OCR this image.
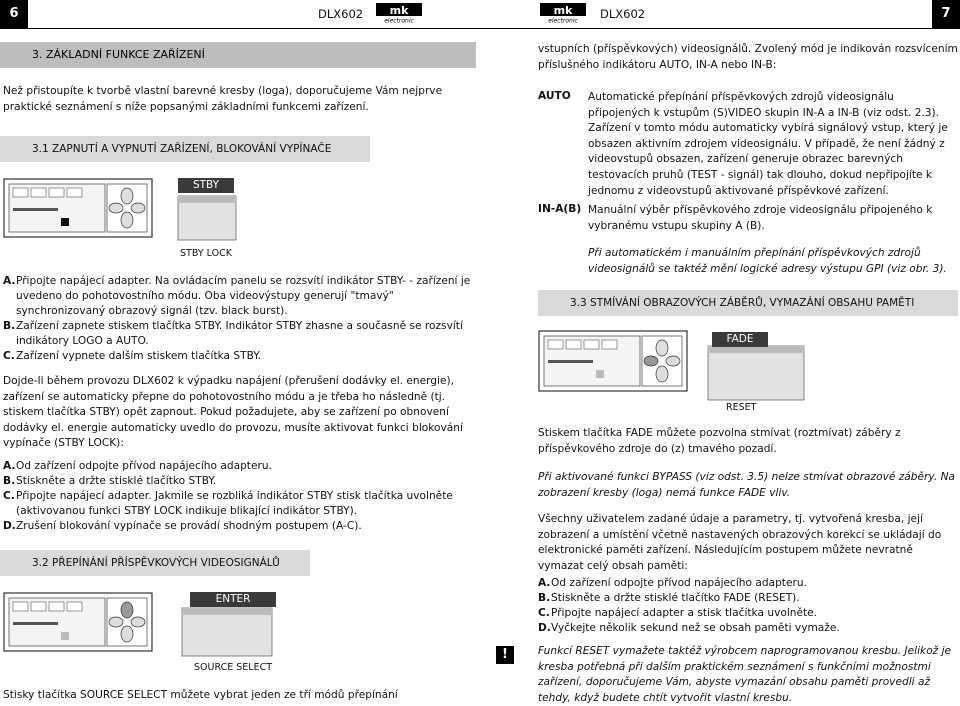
6	DLX602 mk
electronic
3. ZÁKLADNÍ FUNKCE ZAŘÍZENÍ
Než přistoupíte k tvorbě vlastní barevné kresby (loga), doporučujeme Vám nejprve praktické seznámení s níže popsanými základními funkcemi zařízení.
3.1 ZAPNUTÍ A VYPNUTÍ ZAŘÍZENÍ, BLOKOVÁNÍ VYPÍNAČE
STBY
STBY LOCK
A. Připojte napájecí adapter. Na ovládacím panelu se rozsvítí indikátor STBY- - zařízení je uvedeno do pohotovostního módu. Oba videovýstupy generují "tmavý" synchronizovaný obrazový signál (tzv. black burst).
B. Zařízení zapnete stiskem tlačítka STBY. Indikátor STBY zhasne a současně se rozsvítí indikátory LOGO a AUTO.
C. Zařízení vypnete dalším stiskem tlačítka STBY.
Dojde-li během provozu DLX602 k výpadku napájení (přerušení dodávky el. energie), zařízení se automaticky přepne do pohotovostního módu a je třeba ho následně (tj. stiskem tlačítka STBY) opět zapnout. Pokud požadujete, aby se zařízení po obnovení dodávky el. energie automaticky uvedlo do provozu, musíte aktivovat funkci blokování vypínače (STBY LOCK):
A. Od zařízení odpojte přívod napájecího adapteru.
B. Stiskněte a držte stisklé tlačítko STBY.
C. Připojte napájecí adapter. Jakmile se rozbliká indikátor STBY stisk tlačítka uvolněte (aktivovanou funkci STBY LOCK indikuje blikající indikátor STBY).
D. Zrušení blokování vypínače se provádí shodným postupem (A-C).
3.2 PŘEPÍNÁNÍ PŘÍSPĚVKOVÝCH VIDEOSIGNÁLŮ
ENTER
SOURCE SELECT
Stisky tlačítka SOURCE SELECT můžete vybrat jeden ze tří módů přepínání
mk
electronic DLX602	7
vstupních (příspěvkových) videosignálů. Zvolený mód je indikován rozsvícením příslušného indikátoru AUTO, IN-A nebo IN-B:
AUTO Automatické přepínání příspěvkových zdrojů videosignálu připojených k vstupům (S)VIDEO skupin IN-A a IN-B (viz odst. 2.3). Zařízení v tomto módu automaticky vybírá signálový vstup, který je obsazen aktivním zdrojem videosignálu. V případě, že není žádný z videovstupů obsazen, zařízení generuje obrazec barevných testovacích pruhů (TEST - signál) tak dlouho, dokud nepřipojíte k jednomu z videovstupů aktivované příspěvkové zařízení.
IN-A(B) Manuální výběr příspěvkového zdroje videosignálu připojeného k vybranému vstupu skupiny A (B).
Při automatickém i manuálním přepínání příspěvkových zdrojů videosignálů se taktéž mění logické adresy výstupu GPI (viz obr. 3).
3.3 STMÍVÁNÍ OBRAZOVÝCH ZÁBĚRŮ, VYMAZÁNÍ OBSAHU PAMĚTI
FADE
RESET
Stiskem tlačítka FADE můžete pozvolna stmívat (roztmívat) záběry z příspěvkového zdroje do (z) tmavého pozadí.
Při aktivované funkci BYPASS (viz odst. 3.5) nelze stmívat obrazové záběry. Na zobrazení kresby (loga) nemá funkce FADE vliv.
Všechny uživatelem zadané údaje a parametry, tj. vytvořená kresba, její zobrazení a umístění včetně nastavených obrazových korekcí se ukládají do elektronické paměti zařízení. Následujícím postupem můžete nevratně vymazat celý obsah paměti:
A. Od zařízení odpojte přívod napájecího adapteru.
B. Stiskněte a držte stisklé tlačítko FADE (RESET).
C. Připojte napájecí adapter a stisk tlačítka uvolněte.
D. Vyčkejte několik sekund než se obsah paměti vymaže.
!	Funkcí RESET vymažete taktéž výrobcem naprogramovanou kresbu. Jelikož je kresba potřebná při dalším praktickém seznámení s funkčními možnostmi zařízení, doporučujeme Vám, abyste vymazání obsahu paměti provedli až tehdy, když budete chtít vytvořit vlastní kresbu.
